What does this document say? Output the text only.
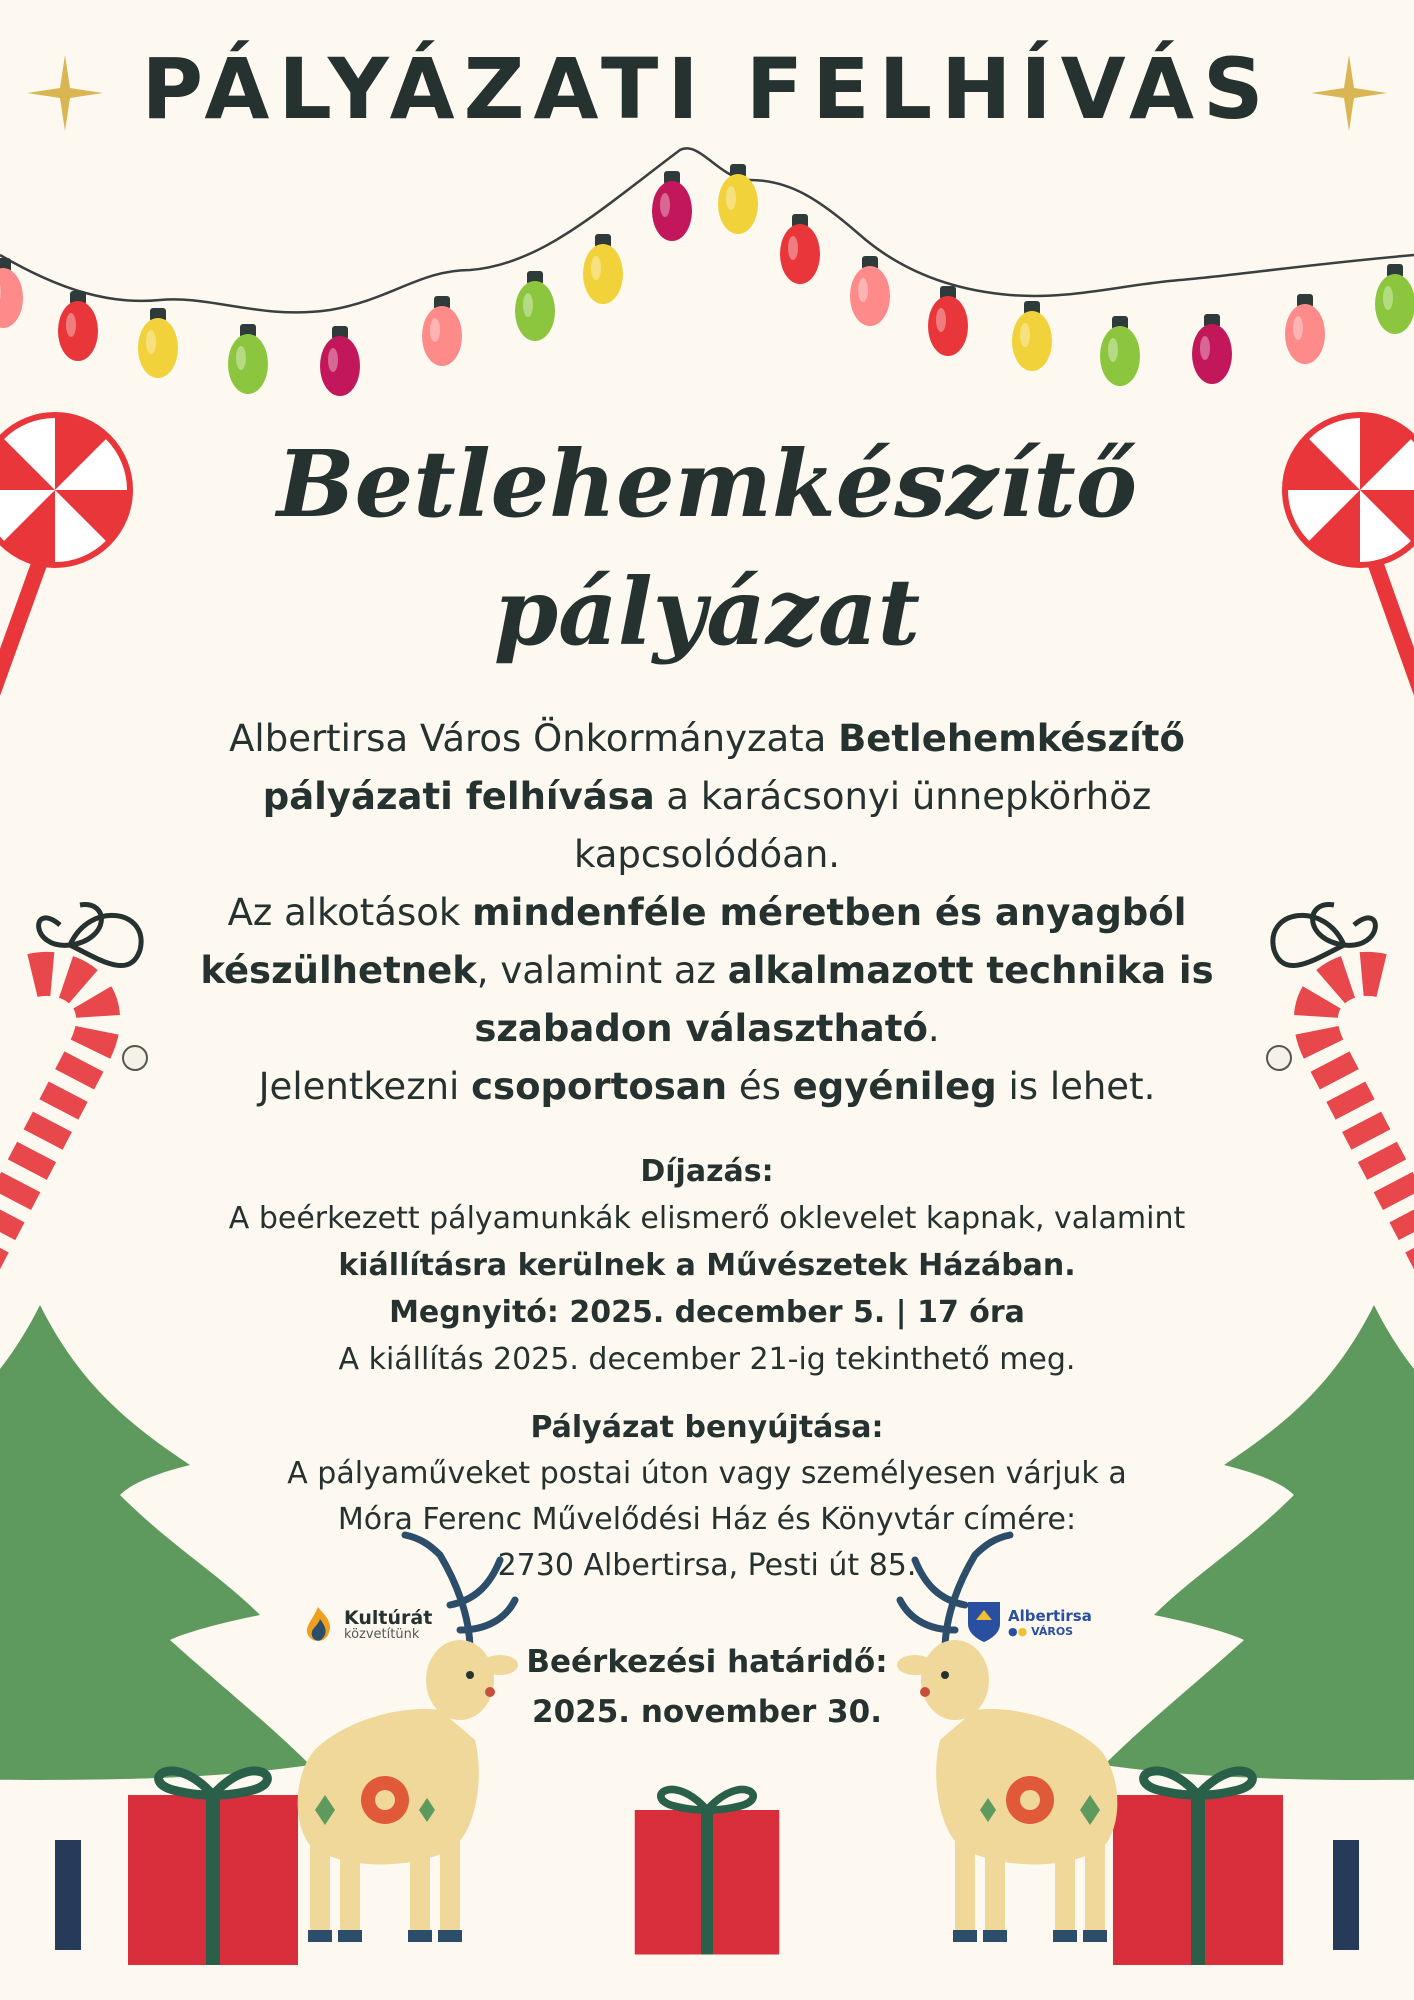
PÁLYÁZATI FELHÍVÁS
Betlehemkészítő
pályázat
Albertirsa Város Önkormányzata Betlehemkészítő pályázati felhívása a karácsonyi ünnepkörhöz kapcsolódóan.
Az alkotások mindenféle méretben és anyagból készülhetnek, valamint az alkalmazott technika is szabadon választható.
Jelentkezni csoportosan és egyénileg is lehet.
Díjazás:
A beérkezett pályamunkák elismerő oklevelet kapnak, valamint
kiállításra kerülnek a Művészetek Házában.
Megnyitó: 2025. december 5. | 17 óra
A kiállítás 2025. december 21-ig tekinthető meg.
Pályázat benyújtása:
A pályaműveket postai úton vagy személyesen várjuk a
Móra Ferenc Művelődési Ház és Könyvtár címére:
2730 Albertirsa, Pesti út 85.
Kultúrát
közvetítünk
Albertirsa
●● VÁROS
Beérkezési határidő:
2025. november 30.
